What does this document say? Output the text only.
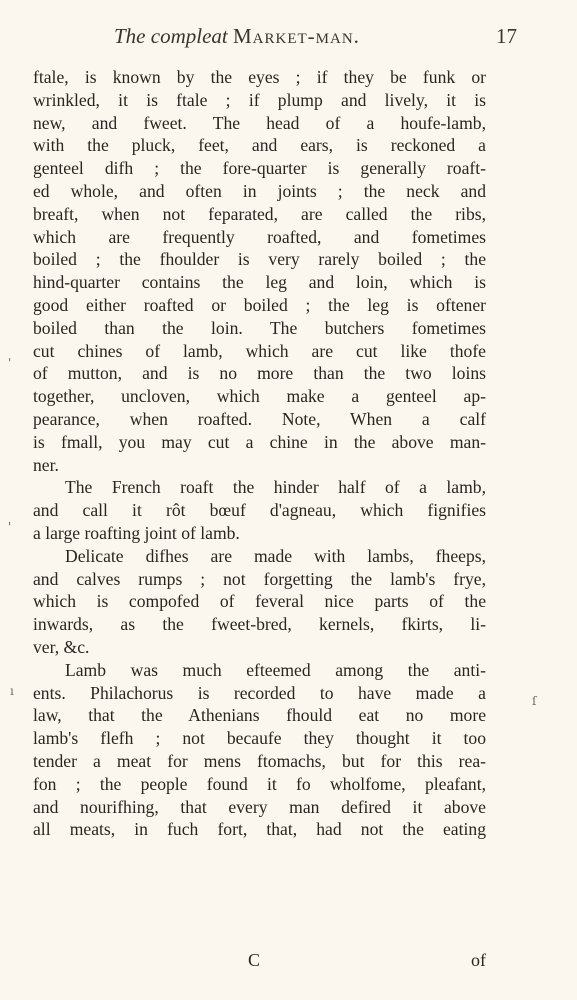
The compleat Market-man.	17
ftale, is known by the eyes ; if they be funk or
wrinkled, it is ftale ; if plump and lively, it is
new, and fweet. The head of a houfe-lamb,
with the pluck, feet, and ears, is reckoned a
genteel difh ; the fore-quarter is generally roaft-
ed whole, and often in joints ; the neck and
breaft, when not feparated, are called the ribs,
which are frequently roafted, and fometimes
boiled ; the fhoulder is very rarely boiled ; the
hind-quarter contains the leg and loin, which is
good either roafted or boiled ; the leg is oftener
boiled than the loin. The butchers fometimes
cut chines of lamb, which are cut like thofe
of mutton, and is no more than the two loins
together, uncloven, which make a genteel ap-
pearance, when roafted. Note, When a calf
is fmall, you may cut a chine in the above man-
ner.
The French roaft the hinder half of a lamb,
and call it rôt bœuf d'agneau, which fignifies
a large roafting joint of lamb.
Delicate difhes are made with lambs, fheeps,
and calves rumps ; not forgetting the lamb's frye,
which is compofed of feveral nice parts of the
inwards, as the fweet-bred, kernels, fkirts, li-
ver, &c.
Lamb was much efteemed among the anti-
ents. Philachorus is recorded to have made a
law, that the Athenians fhould eat no more
lamb's flefh ; not becaufe they thought it too
tender a meat for mens ftomachs, but for this rea-
fon ; the people found it fo wholfome, pleafant,
and nourifhing, that every man defired it above
all meats, in fuch fort, that, had not the eating
C	of
'
'
ı
ſ
